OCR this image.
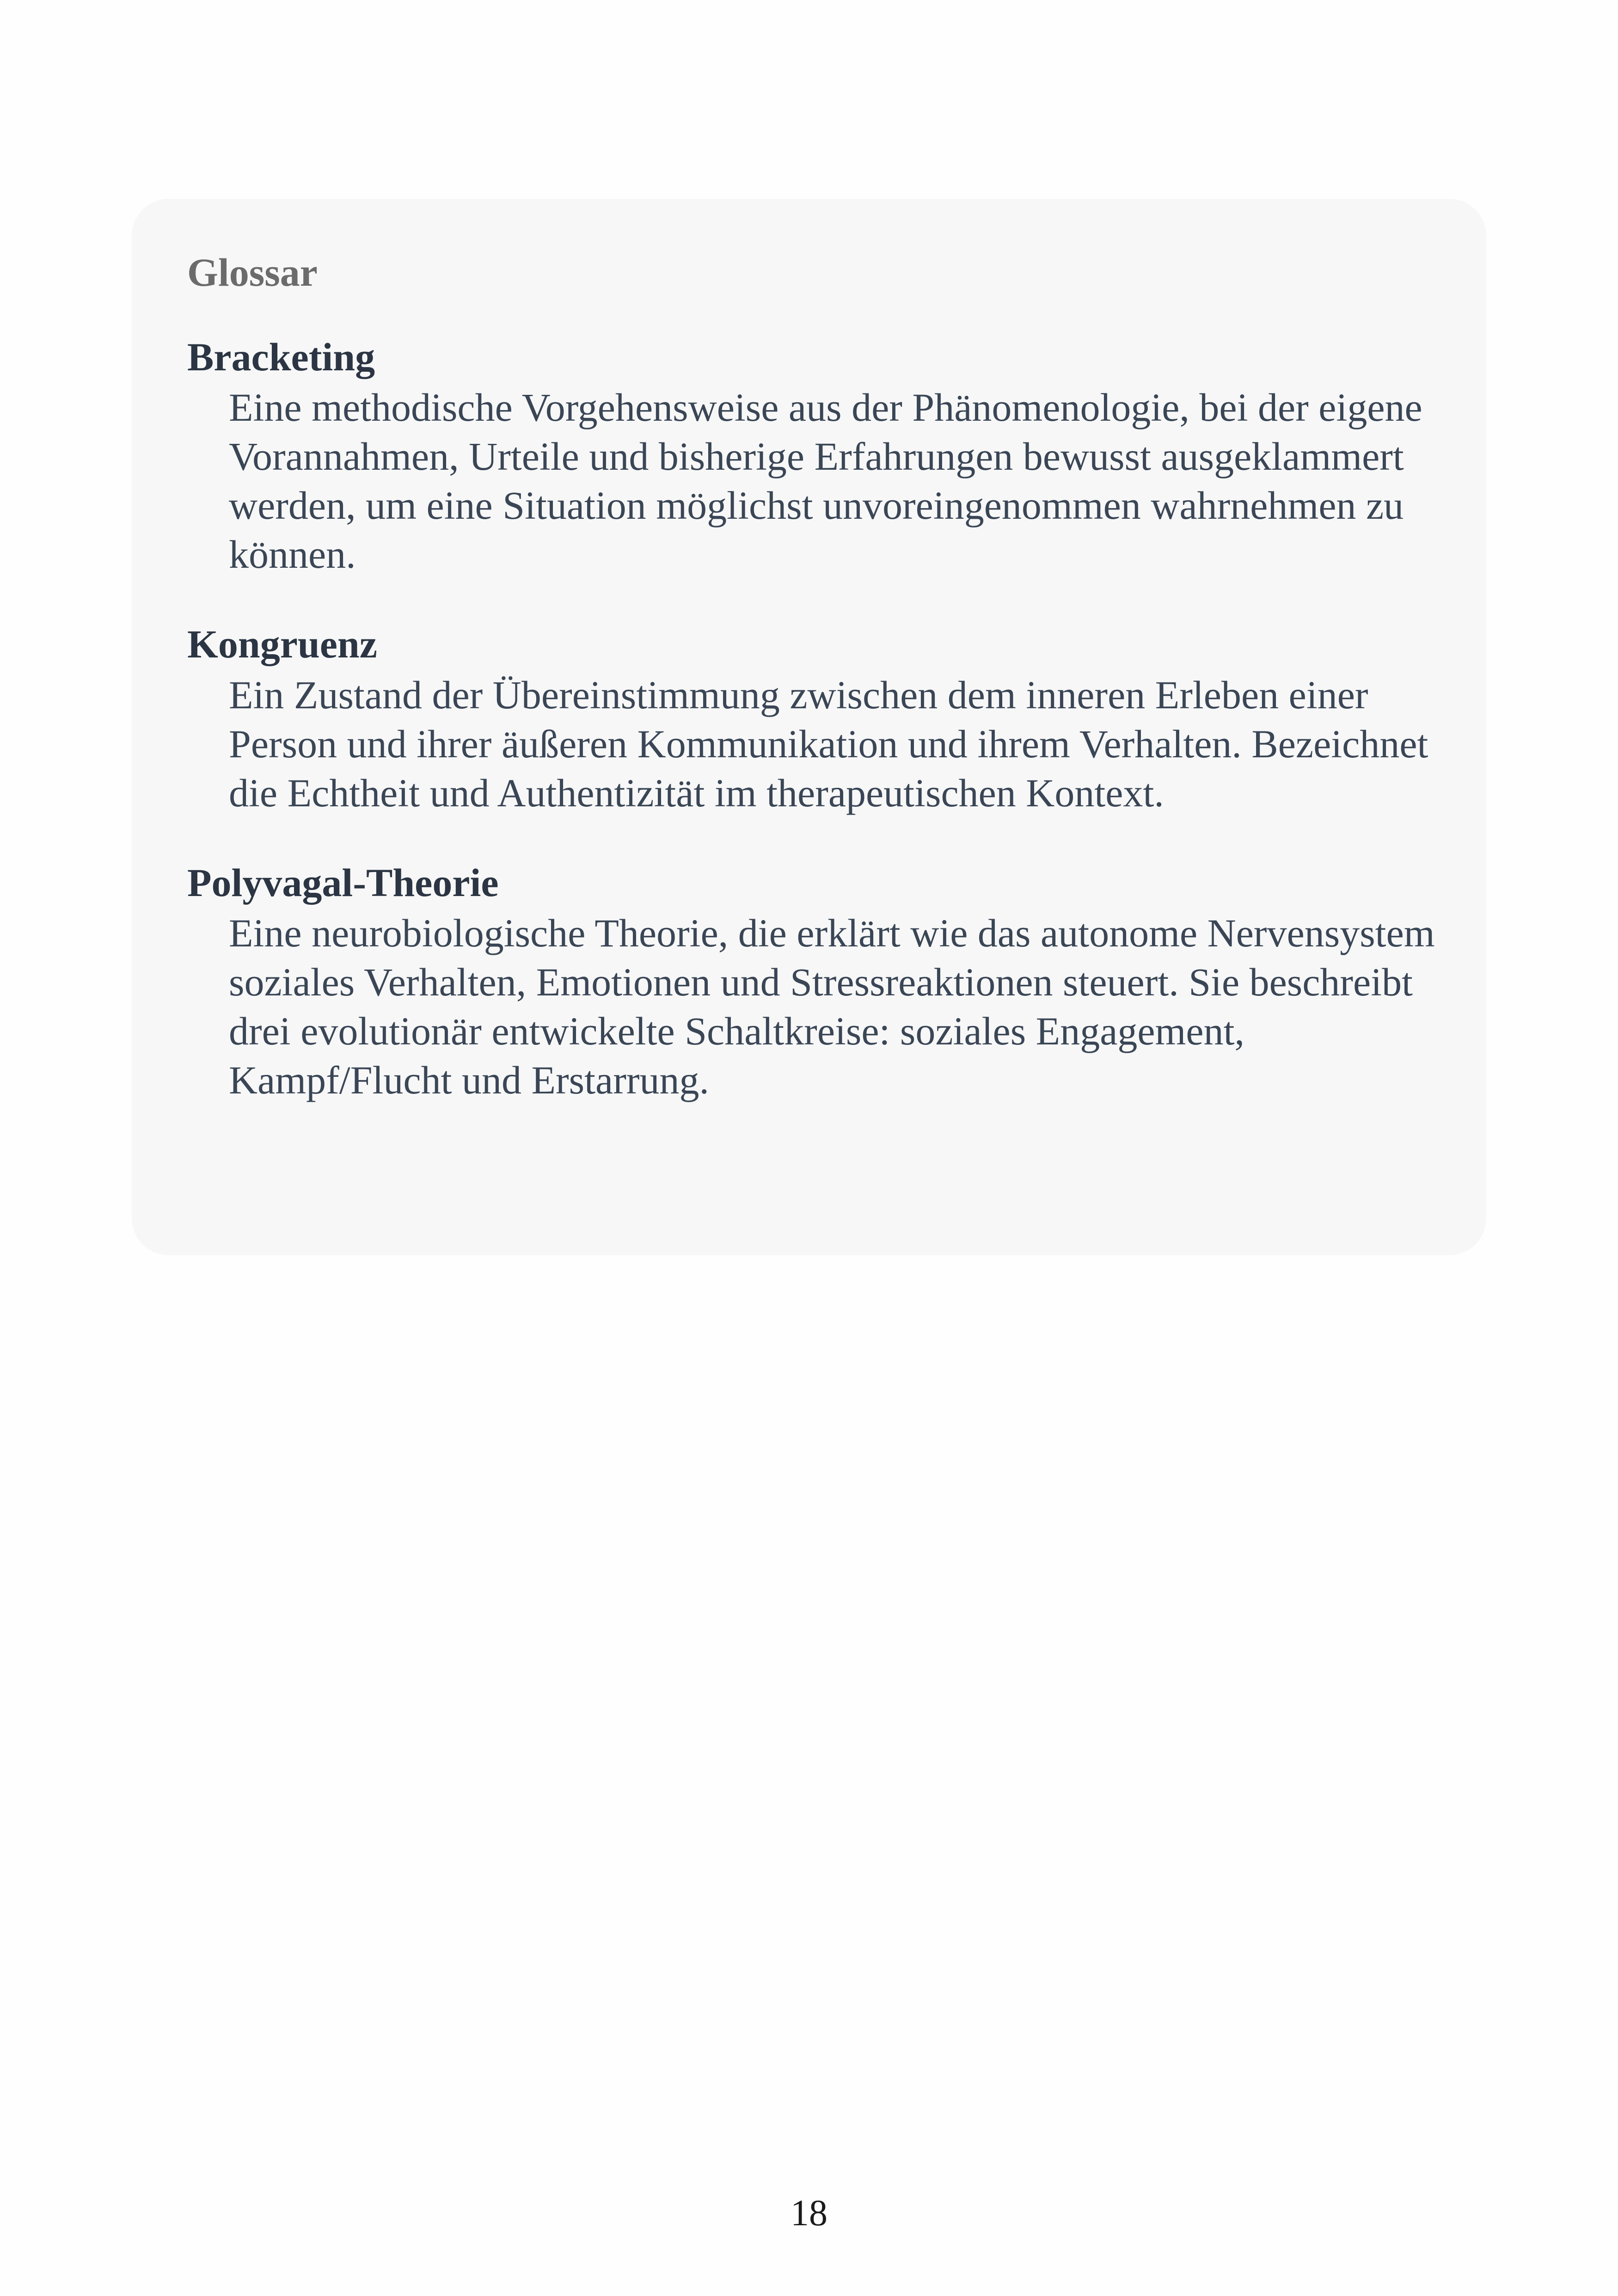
Glossar
Bracketing

Eine methodische Vorgehensweise aus der Phänomenologie, bei der eigene Vorannahmen, Urteile und bisherige Erfahrungen bewusst ausgeklammert werden, um eine Situation möglichst unvoreingenommen wahrnehmen zu können.

Kongruenz

Ein Zustand der Übereinstimmung zwischen dem inneren Erleben einer Person und ihrer äußeren Kommunikation und ihrem Verhalten. Bezeichnet die Echtheit und Authentizität im therapeutischen Kontext.

Polyvagal-Theorie

Eine neurobiologische Theorie, die erklärt wie das autonome Nervensystem soziales Verhalten, Emotionen und Stressreaktionen steuert. Sie beschreibt drei evolutionär entwickelte Schaltkreise: soziales Engagement, Kampf/Flucht und Erstarrung.

18
